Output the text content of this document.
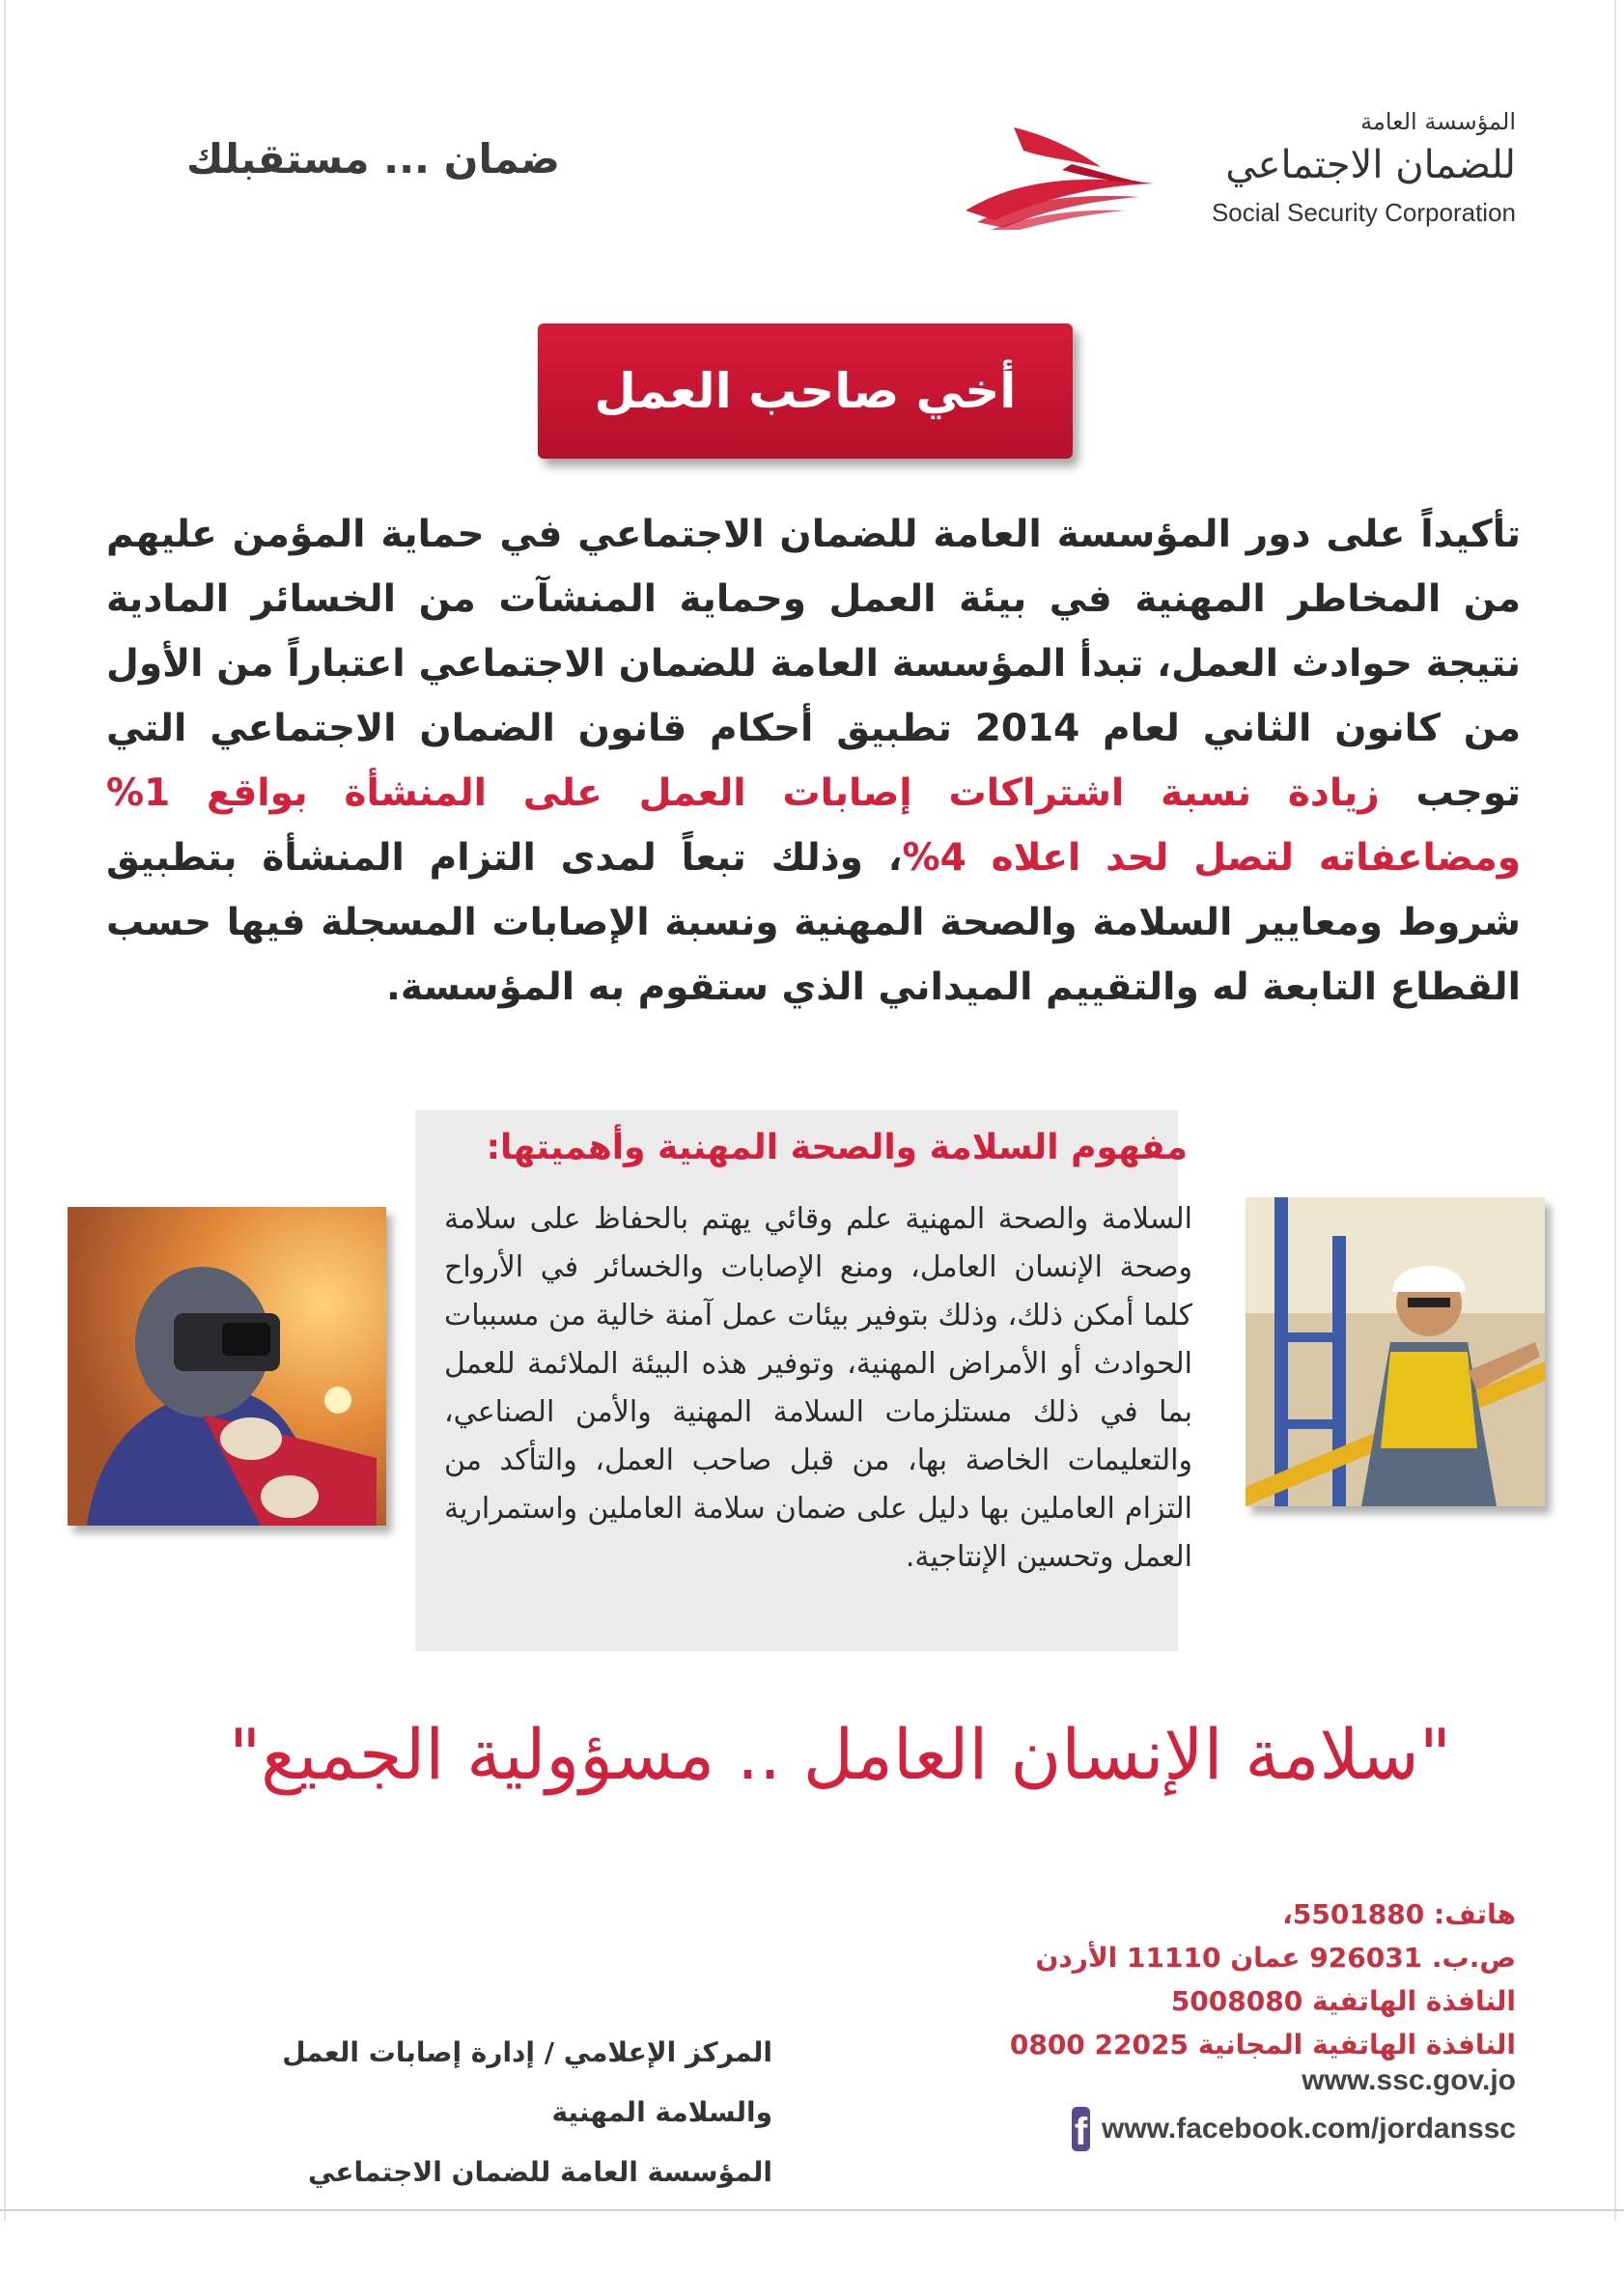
ضمان ... مستقبلك
المؤسسة العامة
للضمان الاجتماعي
Social Security Corporation
أخي صاحب العمل
تأكيداً على دور المؤسسة العامة للضمان الاجتماعي في حماية المؤمن عليهم من المخاطر المهنية في بيئة العمل وحماية المنشآت من الخسائر المادية نتيجة حوادث العمل، تبدأ المؤسسة العامة للضمان الاجتماعي اعتباراً من الأول من كانون الثاني لعام 2014 تطبيق أحكام قانون الضمان الاجتماعي التي توجب زيادة نسبة اشتراكات إصابات العمل على المنشأة بواقع 1% ومضاعفاته لتصل لحد اعلاه 4%، وذلك تبعاً لمدى التزام المنشأة بتطبيق شروط ومعايير السلامة والصحة المهنية ونسبة الإصابات المسجلة فيها حسب القطاع التابعة له والتقييم الميداني الذي ستقوم به المؤسسة.
مفهوم السلامة والصحة المهنية وأهميتها:
السلامة والصحة المهنية علم وقائي يهتم بالحفاظ على سلامة وصحة الإنسان العامل، ومنع الإصابات والخسائر في الأرواح كلما أمكن ذلك، وذلك بتوفير بيئات عمل آمنة خالية من مسببات الحوادث أو الأمراض المهنية، وتوفير هذه البيئة الملائمة للعمل بما في ذلك مستلزمات السلامة المهنية والأمن الصناعي، والتعليمات الخاصة بها، من قبل صاحب العمل، والتأكد من التزام العاملين بها دليل على ضمان سلامة العاملين واستمرارية العمل وتحسين الإنتاجية.
"سلامة الإنسان العامل .. مسؤولية الجميع"
هاتف: 5501880،
ص.ب. 926031 عمان 11110 الأردن
النافذة الهاتفية 5008080
النافذة الهاتفية المجانية 22025 0800
www.ssc.gov.jo
f www.facebook.com/jordanssc
المركز الإعلامي / إدارة إصابات العمل والسلامة المهنية
المؤسسة العامة للضمان الاجتماعي
